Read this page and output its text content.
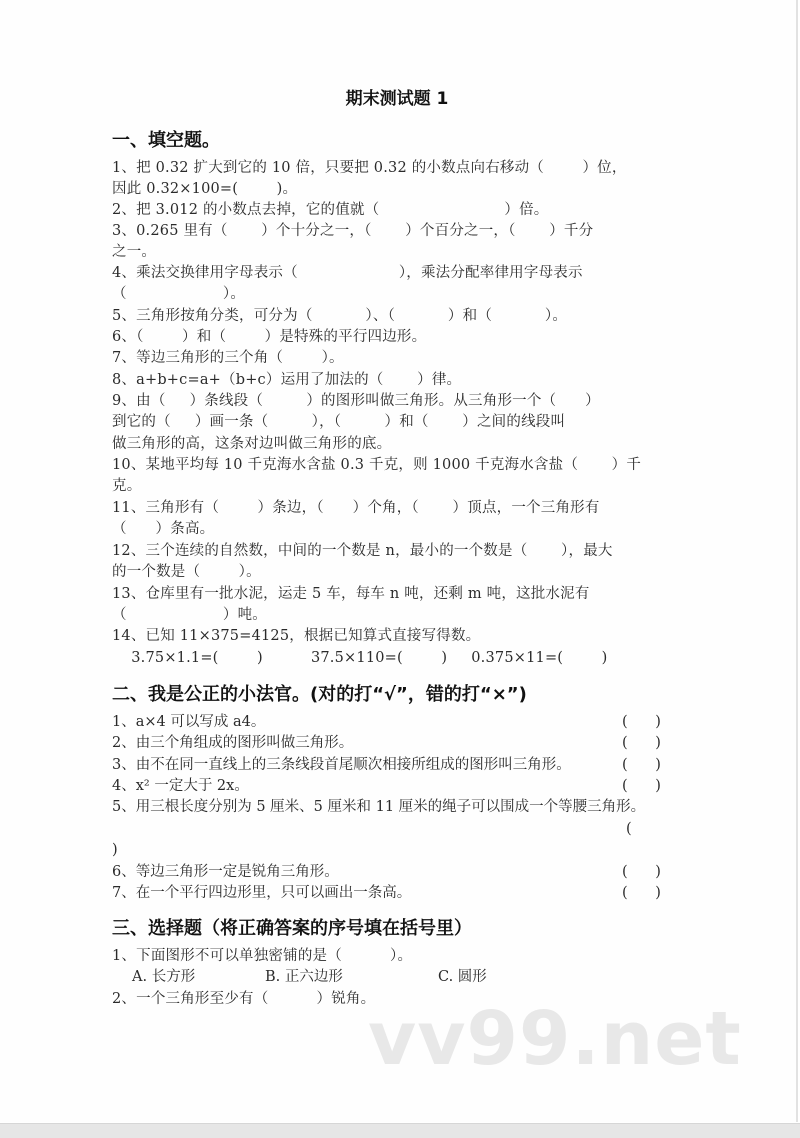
期末测试题 1
一、填空题。
1、把 0.32 扩大到它的 10 倍，只要把 0.32 的小数点向右移动（        ）位，
因此 0.32×100=(        )。
2、把 3.012 的小数点去掉，它的值就（                          ）倍。
3、0.265 里有（       ）个十分之一，（       ）个百分之一，（       ）千分
之一。
4、乘法交换律用字母表示（                     ），乘法分配率律用字母表示
（                    ）。
5、三角形按角分类，可分为（           ）、（           ）和（           ）。
6、（        ）和（        ）是特殊的平行四边形。
7、等边三角形的三个角（        ）。
8、a+b+c=a+（b+c）运用了加法的（       ）律。
9、由（     ）条线段（         ）的图形叫做三角形。从三角形一个（      ）
到它的（     ）画一条（         ），（         ）和（       ）之间的线段叫
做三角形的高，这条对边叫做三角形的底。
10、某地平均每 10 千克海水含盐 0.3 千克，则 1000 千克海水含盐（       ）千
克。
11、三角形有（        ）条边，（      ）个角，（       ）顶点，一个三角形有
（      ）条高。
12、三个连续的自然数，中间的一个数是 n，最小的一个数是（       ），最大
的一个数是（        ）。
13、仓库里有一批水泥，运走 5 车，每车 n 吨，还剩 m 吨，这批水泥有
（                    ）吨。
14、已知 11×375=4125，根据已知算式直接写得数。
3.75×1.1=(        )          37.5×110=(        )     0.375×11=(        )
二、我是公正的小法官。(对的打“√”，错的打“×”)
1、a×4 可以写成 a4。	(      )
2、由三个角组成的图形叫做三角形。	(      )
3、由不在同一直线上的三条线段首尾顺次相接所组成的图形叫三角形。	(      )
4、x² 一定大于 2x。	(      )
5、用三根长度分别为 5 厘米、5 厘米和 11 厘米的绳子可以围成一个等腰三角形。
(
)
6、等边三角形一定是锐角三角形。	(      )
7、在一个平行四边形里，只可以画出一条高。	(      )
三、选择题（将正确答案的序号填在括号里）
1、下面图形不可以单独密铺的是（          ）。
A. 长方形	B. 正六边形	C. 圆形
2、一个三角形至少有（          ）锐角。
vv99.net
